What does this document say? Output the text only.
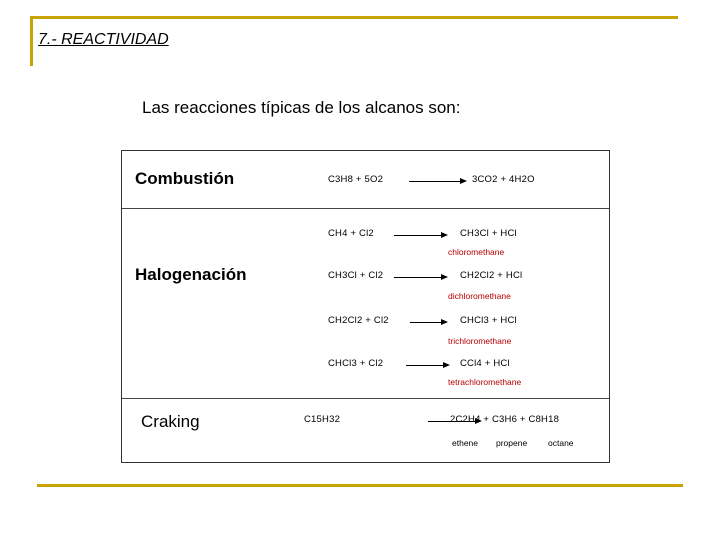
7.- REACTIVIDAD
Las reacciones típicas de los alcanos son:
Combustión	C3H8 + 5O2 → 3CO2 + 4H2O
Halogenación
CH4 + Cl2 → CH3Cl + HCl
chloromethane
CH3Cl + Cl2 → CH2Cl2 + HCl
dichloromethane
CH2Cl2 + Cl2 → CHCl3 + HCl
trichloromethane
CHCl3 + Cl2 → CCl4 + HCl
tetrachloromethane
Craking	C15H32	2C2H4 + C3H6 + C8H18
ethene propene octane
